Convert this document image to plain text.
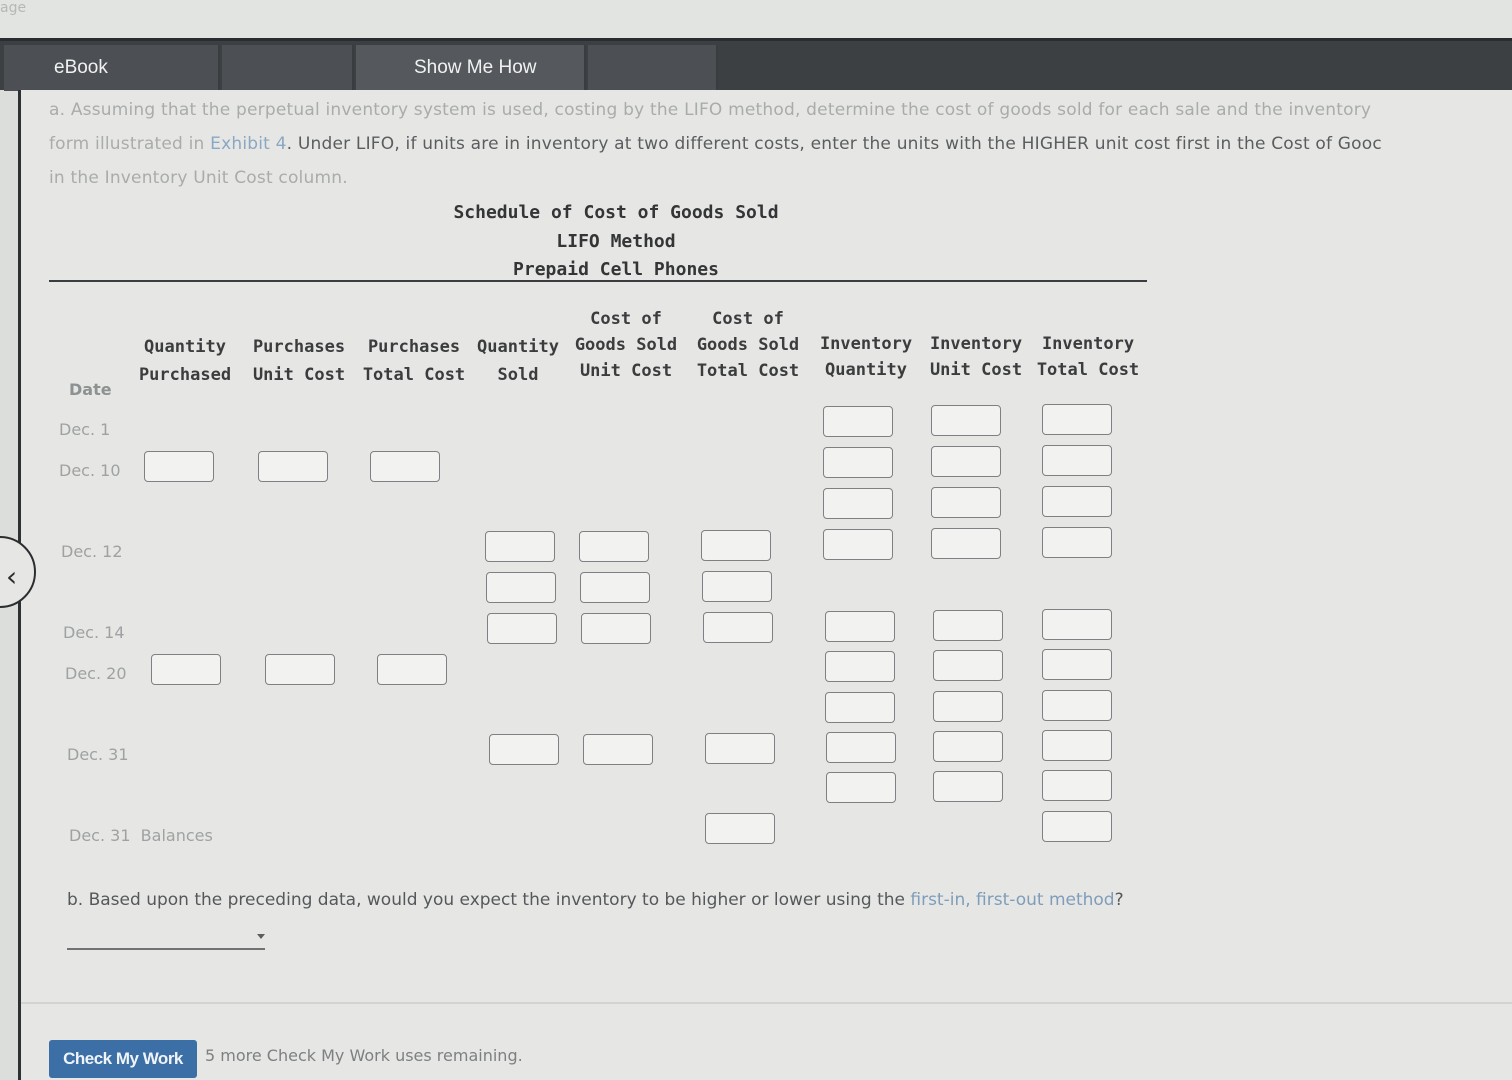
age
eBook	Show Me How
a. Assuming that the perpetual inventory system is used, costing by the LIFO method, determine the cost of goods sold for each sale and the inventory
form illustrated in Exhibit 4. Under LIFO, if units are in inventory at two different costs, enter the units with the HIGHER unit cost first in the Cost of Gooc
in the Inventory Unit Cost column.
Schedule of Cost of Goods Sold
LIFO Method
Prepaid Cell Phones
Date
Quantity
Purchased
Purchases
Unit Cost
Purchases
Total Cost
Quantity
Sold
Cost of
Goods Sold
Unit Cost
Cost of
Goods Sold
Total Cost
Inventory
Quantity
Inventory
Unit Cost
Inventory
Total Cost
Dec. 1
Dec. 10
Dec. 12
Dec. 14
Dec. 20
Dec. 31
Dec. 31 Balances
b. Based upon the preceding data, would you expect the inventory to be higher or lower using the first-in, first-out method?
Check My Work	5 more Check My Work uses remaining.
‹
